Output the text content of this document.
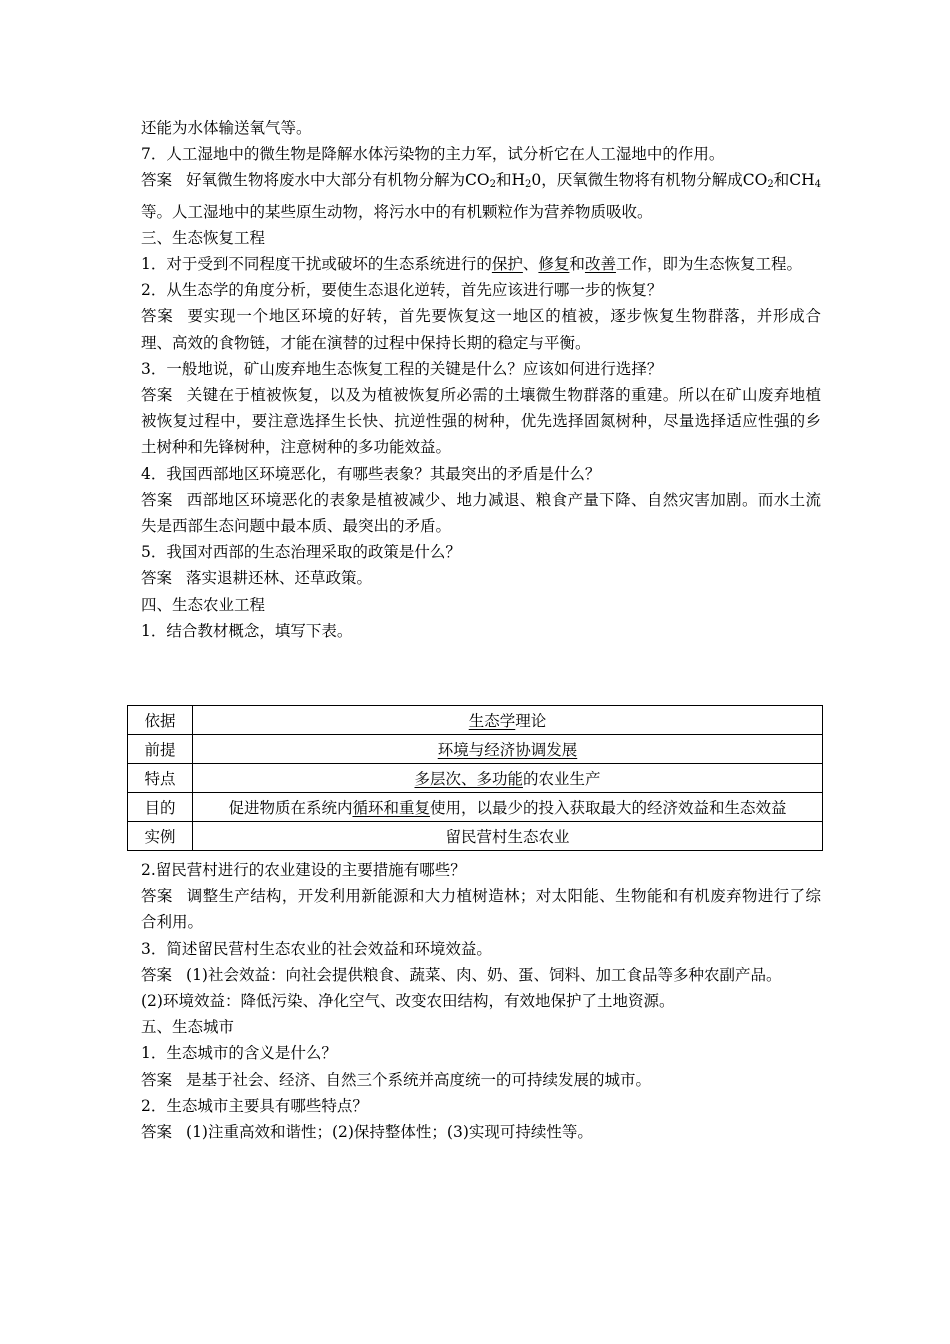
还能为水体输送氧气等。

7．人工湿地中的微生物是降解水体污染物的主力军，试分析它在人工湿地中的作用。

答案 好氧微生物将废水中大部分有机物分解为$CO_2$和$H_20$，厌氧微生物将有机物分解成$CO_2$和$CH_4$等。人工湿地中的某些原生动物，将污水中的有机颗粒作为营养物质吸收。

三、生态恢复工程

1．对于受到不同程度干扰或破坏的生态系统进行的保护、修复和改善工作，即为生态恢复工程。

2．从生态学的角度分析，要使生态退化逆转，首先应该进行哪一步的恢复？

答案 要实现一个地区环境的好转，首先要恢复这一地区的植被，逐步恢复生物群落，并形成合理、高效的食物链，才能在演替的过程中保持长期的稳定与平衡。

3．一般地说，矿山废弃地生态恢复工程的关键是什么？应该如何进行选择？

答案 关键在于植被恢复，以及为植被恢复所必需的土壤微生物群落的重建。所以在矿山废弃地植被恢复过程中，要注意选择生长快、抗逆性强的树种，优先选择固氮树种，尽量选择适应性强的乡土树种和先锋树种，注意树种的多功能效益。

4．我国西部地区环境恶化，有哪些表象？其最突出的矛盾是什么？

答案 西部地区环境恶化的表象是植被减少、地力减退、粮食产量下降、自然灾害加剧。而水土流失是西部生态问题中最本质、最突出的矛盾。

5．我国对西部的生态治理采取的政策是什么？

答案 落实退耕还林、还草政策。

四、生态农业工程

1．结合教材概念，填写下表。

依据	生态学理论
前提	环境与经济协调发展
特点	多层次、多功能的农业生产
目的	促进物质在系统内循环和重复使用，以最少的投入获取最大的经济效益和生态效益
实例	留民营村生态农业

2.留民营村进行的农业建设的主要措施有哪些？

答案 调整生产结构，开发利用新能源和大力植树造林；对太阳能、生物能和有机废弃物进行了综合利用。

3．简述留民营村生态农业的社会效益和环境效益。

答案 (1)社会效益：向社会提供粮食、蔬菜、肉、奶、蛋、饲料、加工食品等多种农副产品。

(2)环境效益：降低污染、净化空气、改变农田结构，有效地保护了土地资源。

五、生态城市

1．生态城市的含义是什么？

答案 是基于社会、经济、自然三个系统并高度统一的可持续发展的城市。

2．生态城市主要具有哪些特点？

答案 (1)注重高效和谐性；(2)保持整体性；(3)实现可持续性等。
